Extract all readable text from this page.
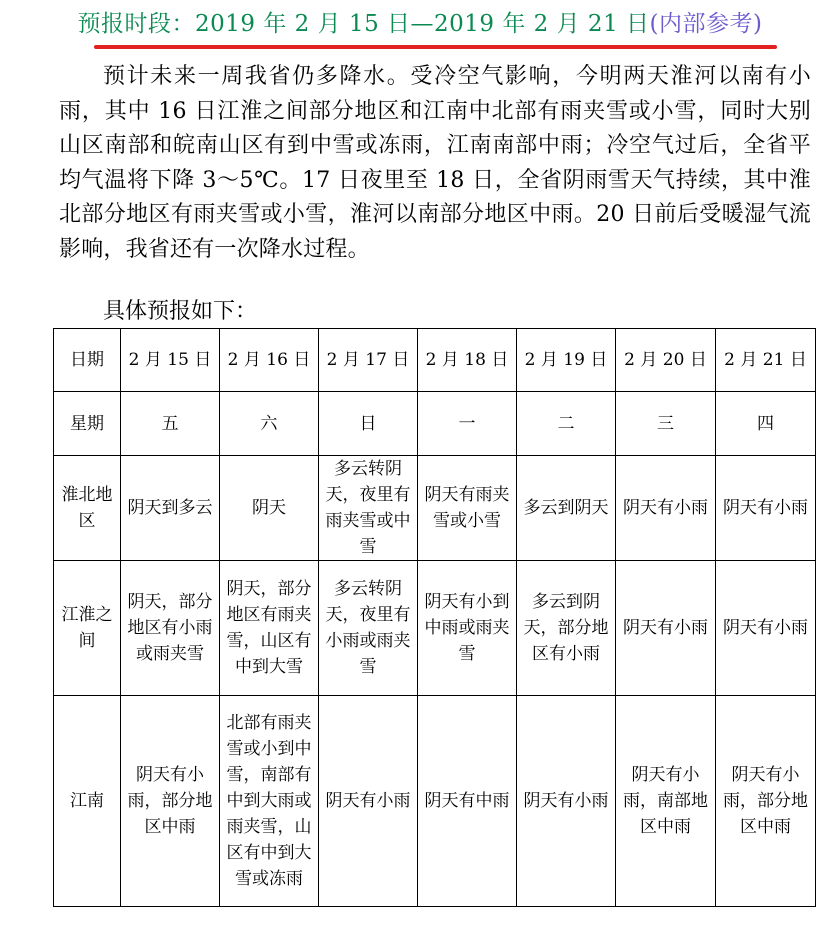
预报时段：2019 年 2 月 15 日—2019 年 2 月 21 日(内部参考)

预计未来一周我省仍多降水。受冷空气影响，今明两天淮河以南有小雨，其中 16 日江淮之间部分地区和江南中北部有雨夹雪或小雪，同时大别山区南部和皖南山区有到中雪或冻雨，江南南部中雨；冷空气过后，全省平均气温将下降 3～5℃。17 日夜里至 18 日，全省阴雨雪天气持续，其中淮北部分地区有雨夹雪或小雪，淮河以南部分地区中雨。20 日前后受暖湿气流影响，我省还有一次降水过程。

具体预报如下：

日期	2 月 15 日	2 月 16 日	2 月 17 日	2 月 18 日	2 月 19 日	2 月 20 日	2 月 21 日
星期	五	六	日	一	二	三	四
淮北地区	阴天到多云	阴天	多云转阴天，夜里有雨夹雪或中雪	阴天有雨夹雪或小雪	多云到阴天	阴天有小雨	阴天有小雨
江淮之间	阴天，部分地区有小雨或雨夹雪	阴天，部分地区有雨夹雪，山区有中到大雪	多云转阴天，夜里有小雨或雨夹雪	阴天有小到中雨或雨夹雪	多云到阴天，部分地区有小雨	阴天有小雨	阴天有小雨
江南	阴天有小雨，部分地区中雨	北部有雨夹雪或小到中雪，南部有中到大雨或雨夹雪，山区有中到大雪或冻雨	阴天有小雨	阴天有中雨	阴天有小雨	阴天有小雨，南部地区中雨	阴天有小雨，部分地区中雨
